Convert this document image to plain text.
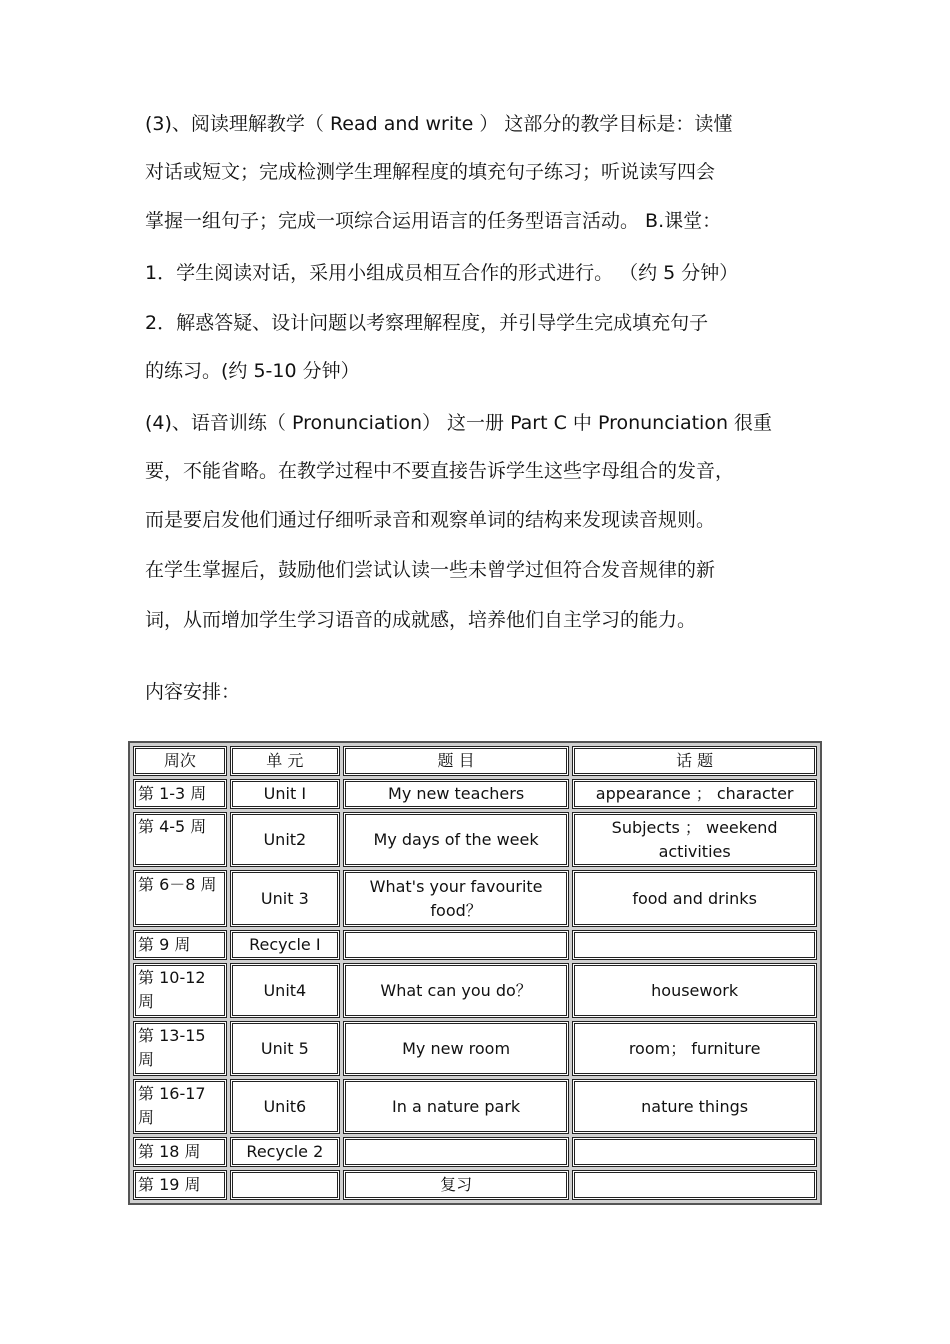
(3)、阅读理解教学（ Read and write ） 这部分的教学目标是：读懂
对话或短文；完成检测学生理解程度的填充句子练习；听说读写四会
掌握一组句子；完成一项综合运用语言的任务型语言活动。 B.课堂：
1．学生阅读对话，采用小组成员相互合作的形式进行。 （约 5 分钟）
2．解惑答疑、设计问题以考察理解程度，并引导学生完成填充句子
的练习。(约 5-10 分钟）
(4)、语音训练（ Pronunciation） 这一册 Part C 中 Pronunciation 很重
要，不能省略。在教学过程中不要直接告诉学生这些字母组合的发音，
而是要启发他们通过仔细听录音和观察单词的结构来发现读音规则。
在学生掌握后，鼓励他们尝试认读一些未曾学过但符合发音规律的新
词，从而增加学生学习语音的成就感，培养他们自主学习的能力。
内容安排：
周次	单 元	题 目	话 题
第 1-3 周	Unit I	My new teachers	appearance ； character
第 4-5 周	Unit2	My days of the week	Subjects ； weekend activities
第 6－8 周	Unit 3	What's your favourite food？	food and drinks
第 9 周	Recycle I		
第 10-12 周	Unit4	What can you do？	housework
第 13-15 周	Unit 5	My new room	room； furniture
第 16-17 周	Unit6	In a nature park	nature things
第 18 周	Recycle 2		
第 19 周		复习	
